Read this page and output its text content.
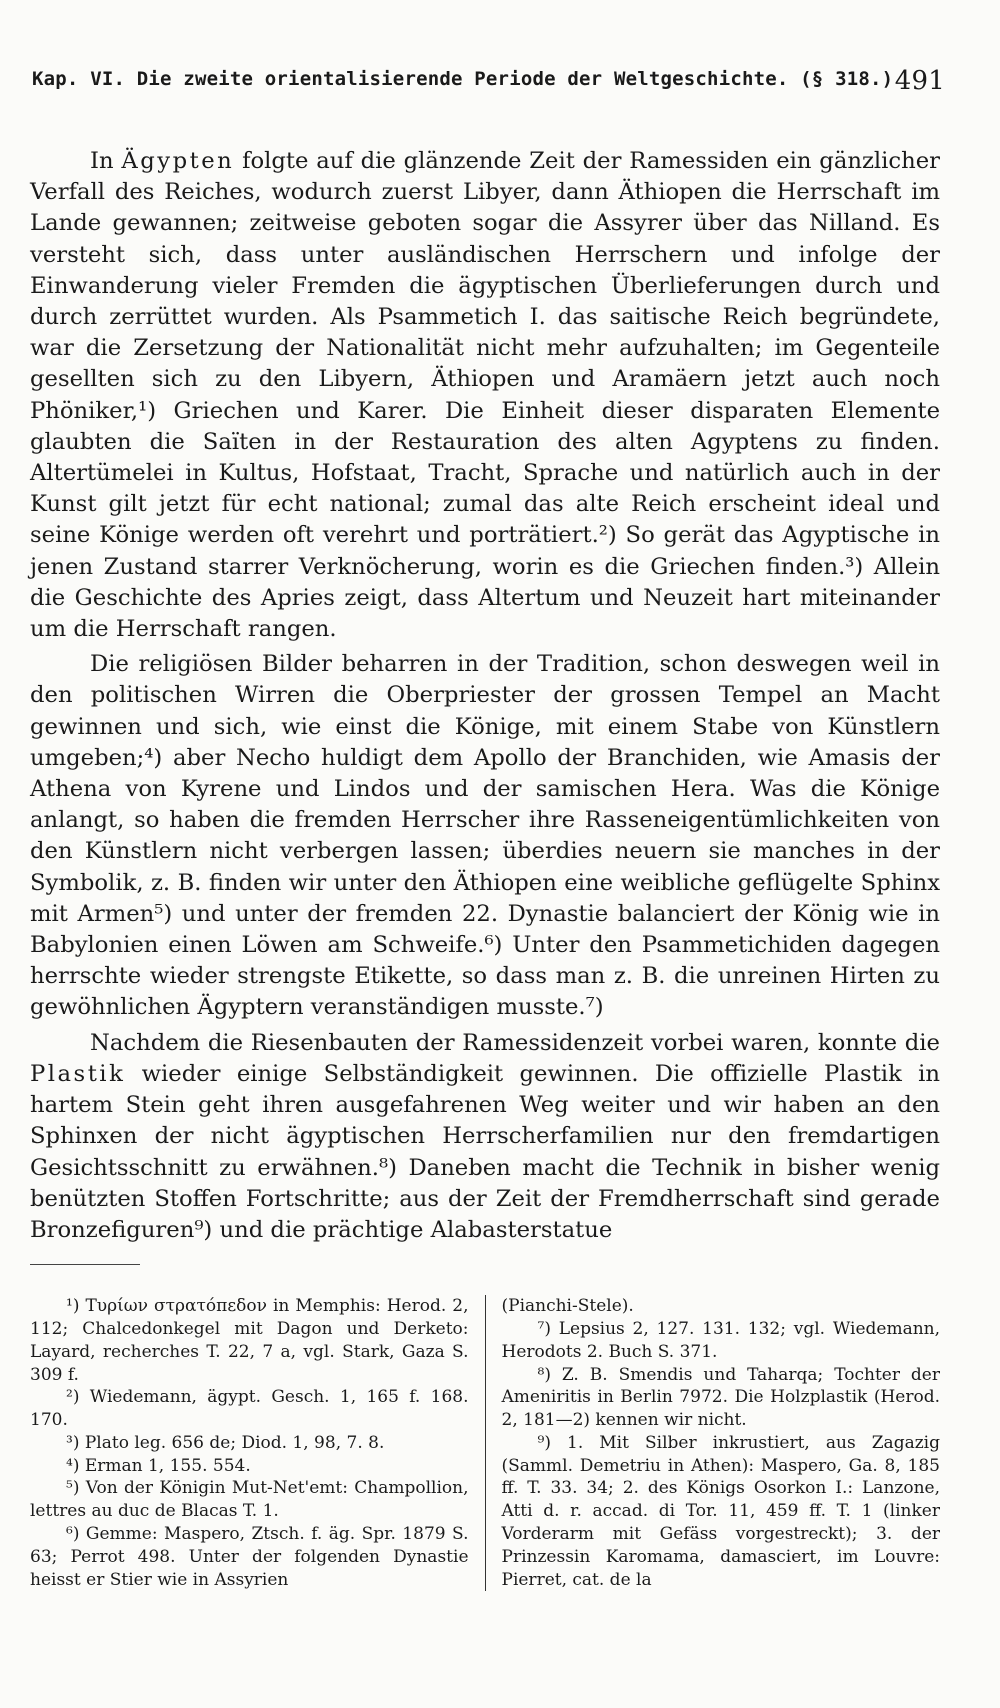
Kap. VI. Die zweite orientalisierende Periode der Weltgeschichte. (§ 318.) 491

In Ägypten folgte auf die glänzende Zeit der Ramessiden ein gänzlicher Verfall des Reiches, wodurch zuerst Libyer, dann Äthiopen die Herrschaft im Lande gewannen; zeitweise geboten sogar die Assyrer über das Nilland. Es versteht sich, dass unter ausländischen Herrschern und infolge der Einwanderung vieler Fremden die ägyptischen Überlieferungen durch und durch zerrüttet wurden. Als Psammetich I. das saitische Reich begründete, war die Zersetzung der Nationalität nicht mehr aufzuhalten; im Gegenteile gesellten sich zu den Libyern, Äthiopen und Aramäern jetzt auch noch Phöniker,¹) Griechen und Karer. Die Einheit dieser disparaten Elemente glaubten die Saïten in der Restauration des alten Agyptens zu finden. Altertümelei in Kultus, Hofstaat, Tracht, Sprache und natürlich auch in der Kunst gilt jetzt für echt national; zumal das alte Reich erscheint ideal und seine Könige werden oft verehrt und porträtiert.²) So gerät das Agyptische in jenen Zustand starrer Verknöcherung, worin es die Griechen finden.³) Allein die Geschichte des Apries zeigt, dass Altertum und Neuzeit hart miteinander um die Herrschaft rangen.

Die religiösen Bilder beharren in der Tradition, schon deswegen weil in den politischen Wirren die Oberpriester der grossen Tempel an Macht gewinnen und sich, wie einst die Könige, mit einem Stabe von Künstlern umgeben;⁴) aber Necho huldigt dem Apollo der Branchiden, wie Amasis der Athena von Kyrene und Lindos und der samischen Hera. Was die Könige anlangt, so haben die fremden Herrscher ihre Rasseneigentümlichkeiten von den Künstlern nicht verbergen lassen; überdies neuern sie manches in der Symbolik, z. B. finden wir unter den Äthiopen eine weibliche geflügelte Sphinx mit Armen⁵) und unter der fremden 22. Dynastie balanciert der König wie in Babylonien einen Löwen am Schweife.⁶) Unter den Psammetichiden dagegen herrschte wieder strengste Etikette, so dass man z. B. die unreinen Hirten zu gewöhnlichen Ägyptern veranständigen musste.⁷)

Nachdem die Riesenbauten der Ramessidenzeit vorbei waren, konnte die Plastik wieder einige Selbständigkeit gewinnen. Die offizielle Plastik in hartem Stein geht ihren ausgefahrenen Weg weiter und wir haben an den Sphinxen der nicht ägyptischen Herrscherfamilien nur den fremdartigen Gesichtsschnitt zu erwähnen.⁸) Daneben macht die Technik in bisher wenig benützten Stoffen Fortschritte; aus der Zeit der Fremdherrschaft sind gerade Bronzefiguren⁹) und die prächtige Alabasterstatue

¹) Τυρίων στρατόπεδον in Memphis: Herod. 2, 112; Chalcedonkegel mit Dagon und Derketo: Layard, recherches T. 22, 7 a, vgl. Stark, Gaza S. 309 f.

²) Wiedemann, ägypt. Gesch. 1, 165 f. 168. 170.

³) Plato leg. 656 de; Diod. 1, 98, 7. 8.

⁴) Erman 1, 155. 554.

⁵) Von der Königin Mut-Net'emt: Champollion, lettres au duc de Blacas T. 1.

⁶) Gemme: Maspero, Ztsch. f. äg. Spr. 1879 S. 63; Perrot 498. Unter der folgenden Dynastie heisst er Stier wie in Assyrien

(Pianchi-Stele).

⁷) Lepsius 2, 127. 131. 132; vgl. Wiedemann, Herodots 2. Buch S. 371.

⁸) Z. B. Smendis und Taharqa; Tochter der Ameniritis in Berlin 7972. Die Holzplastik (Herod. 2, 181—2) kennen wir nicht.

⁹) 1. Mit Silber inkrustiert, aus Zagazig (Samml. Demetriu in Athen): Maspero, Ga. 8, 185 ff. T. 33. 34; 2. des Königs Osorkon I.: Lanzone, Atti d. r. accad. di Tor. 11, 459 ff. T. 1 (linker Vorderarm mit Gefäss vorgestreckt); 3. der Prinzessin Karomama, damasciert, im Louvre: Pierret, cat. de la
